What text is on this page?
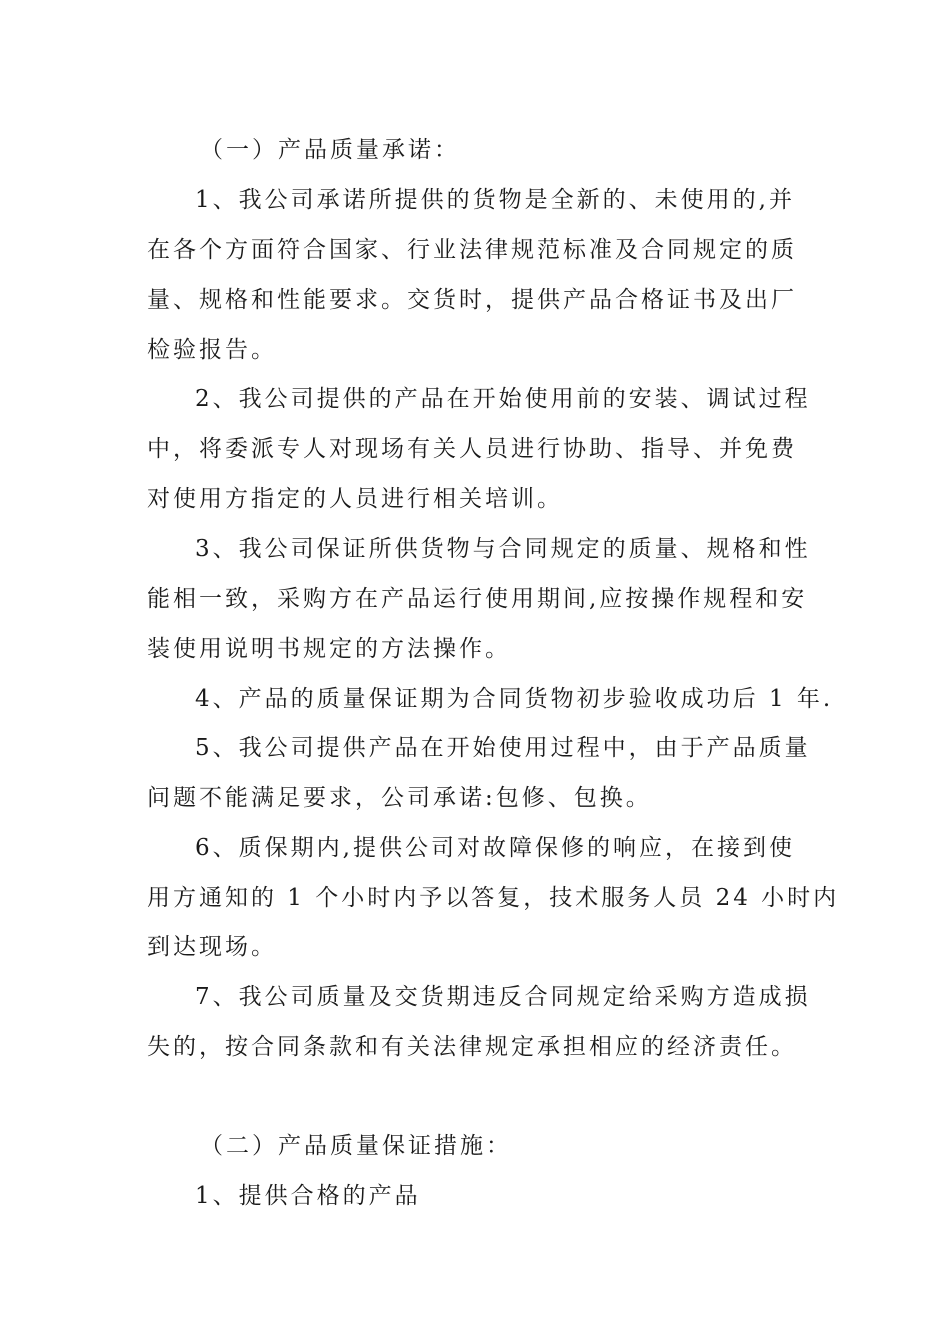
（一）产品质量承诺：
1、我公司承诺所提供的货物是全新的、未使用的,并
在各个方面符合国家、行业法律规范标准及合同规定的质
量、规格和性能要求。交货时，提供产品合格证书及出厂
检验报告。
2、我公司提供的产品在开始使用前的安装、调试过程
中，将委派专人对现场有关人员进行协助、指导、并免费
对使用方指定的人员进行相关培训。
3、我公司保证所供货物与合同规定的质量、规格和性
能相一致，采购方在产品运行使用期间,应按操作规程和安
装使用说明书规定的方法操作。
4、产品的质量保证期为合同货物初步验收成功后 1 年.
5、我公司提供产品在开始使用过程中，由于产品质量
问题不能满足要求，公司承诺:包修、包换。
6、质保期内,提供公司对故障保修的响应，在接到使
用方通知的 1 个小时内予以答复，技术服务人员 24 小时内
到达现场。
7、我公司质量及交货期违反合同规定给采购方造成损
失的，按合同条款和有关法律规定承担相应的经济责任。
（二）产品质量保证措施：
1、提供合格的产品
